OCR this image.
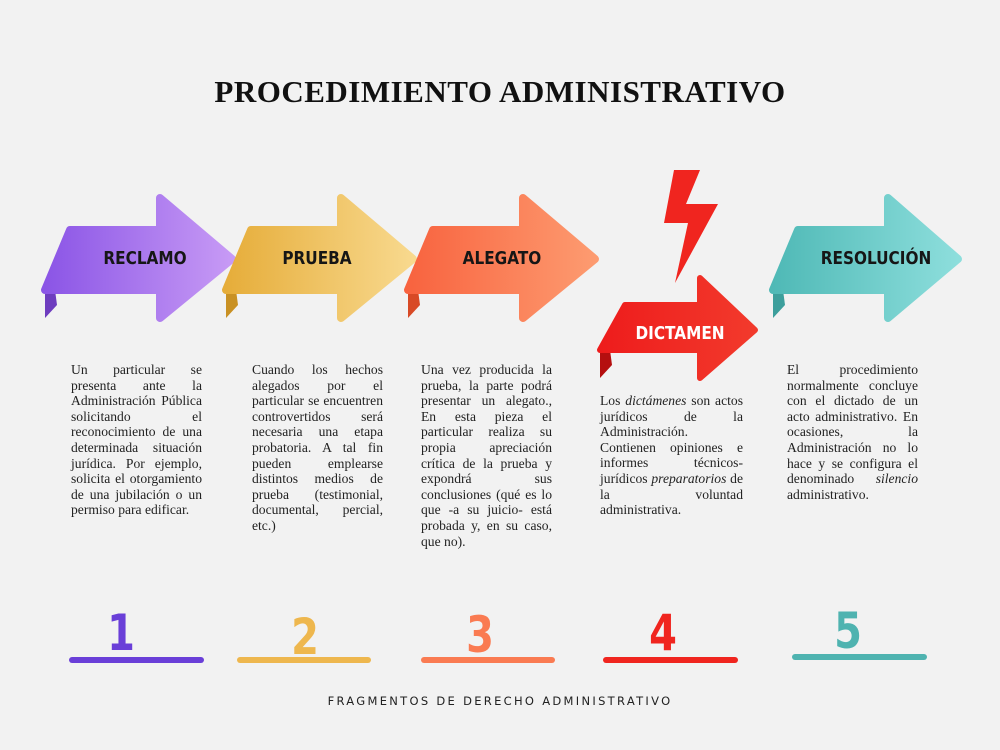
PROCEDIMIENTO ADMINISTRATIVO
RECLAMO	PRUEBA	ALEGATO
DICTAMEN
RESOLUCIÓN
1	2	3	4	5
Un particular se presenta ante la Administración Pública solicitando el reconocimiento de una determinada situación jurídica. Por ejemplo, solicita el otorgamiento de una jubilación o un permiso para edificar.
Cuando los hechos alegados por el particular se encuentren controvertidos será necesaria una etapa probatoria. A tal fin pueden emplearse distintos medios de prueba (testimonial, documental, percial, etc.)
Una vez producida la prueba, la parte podrá presentar un alegato., En esta pieza el particular realiza su propia apreciación crítica de la prueba y expondrá sus conclusiones (qué es lo que -a su juicio- está probada y, en su caso, que no).
Los dictámenes son actos jurídicos de la Administración. Contienen opiniones e informes técnicos-jurídicos preparatorios de la voluntad administrativa.
El procedimiento normalmente concluye con el dictado de un acto administrativo. En ocasiones, la Administración no lo hace y se configura el denominado silencio administrativo.
FRAGMENTOS DE DERECHO ADMINISTRATIVO
